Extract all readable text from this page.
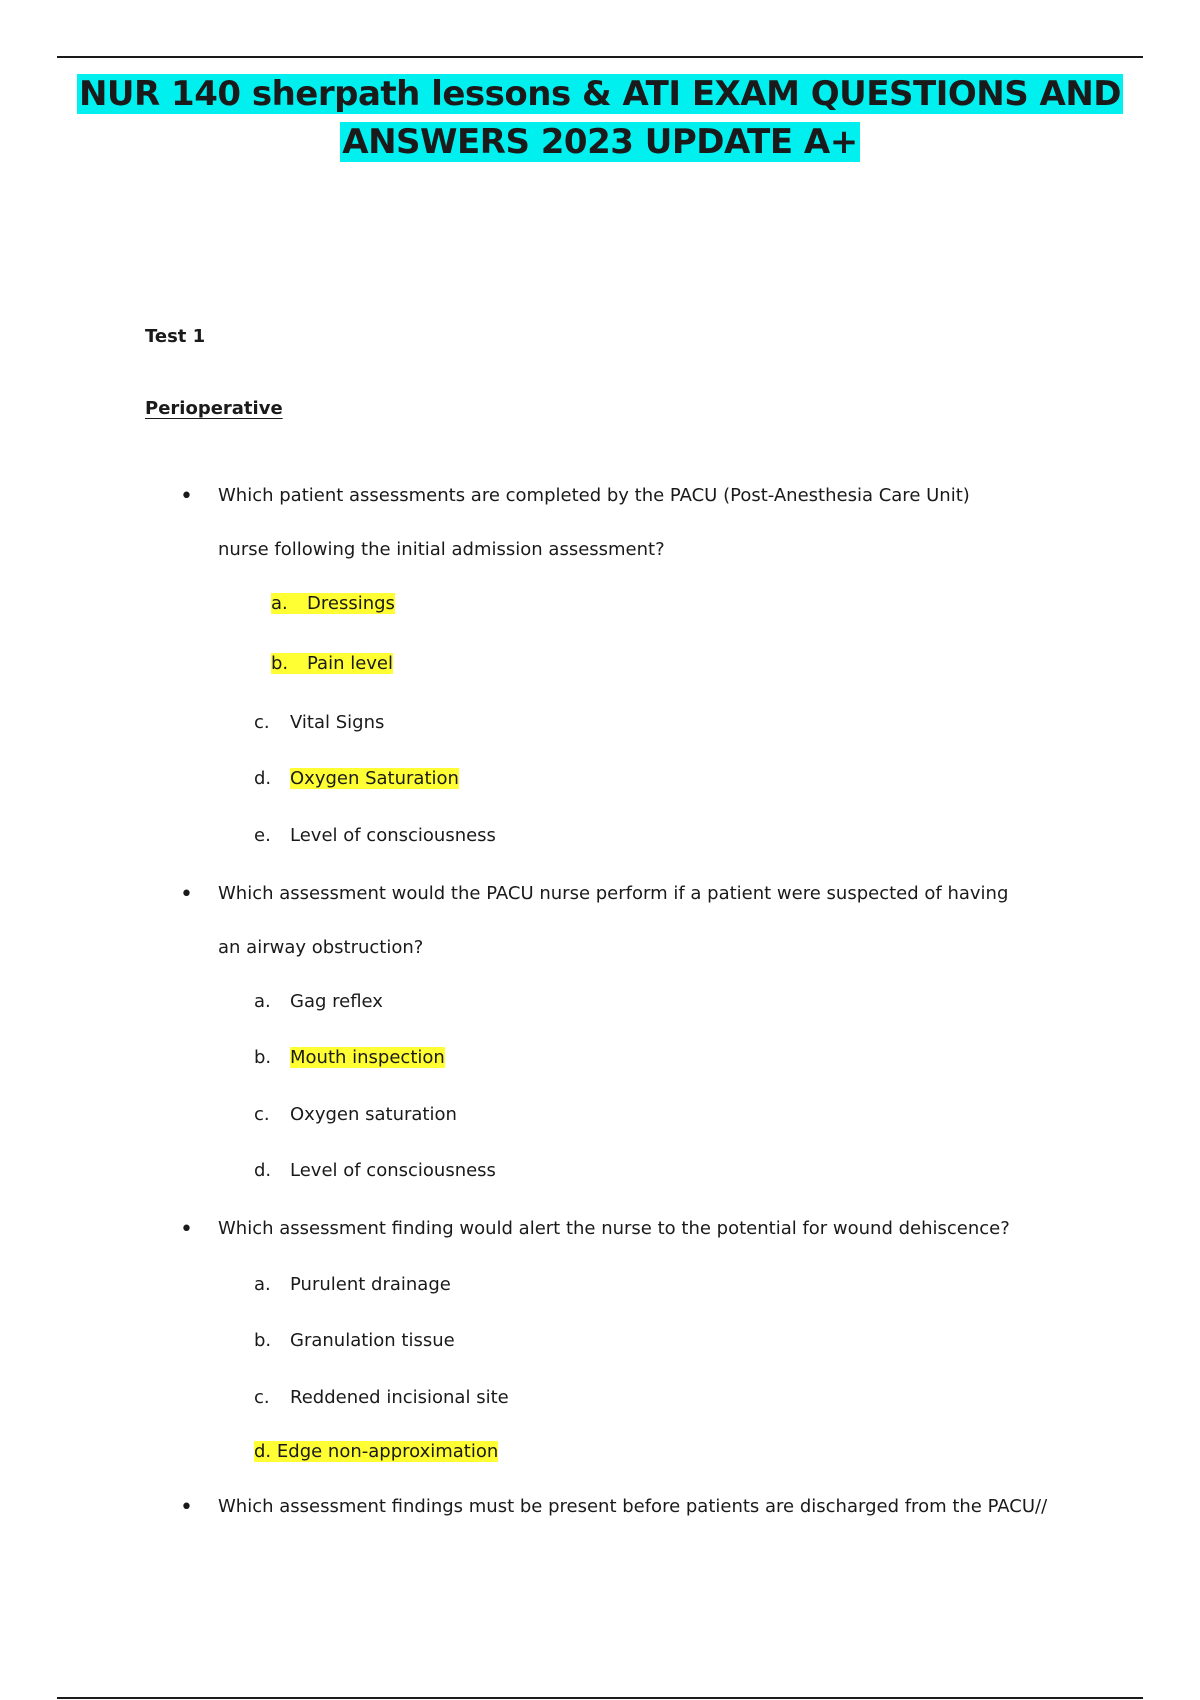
NUR 140 sherpath lessons & ATI EXAM QUESTIONS AND
ANSWERS 2023 UPDATE A+
Test 1
Perioperative
• Which patient assessments are completed by the PACU (Post-Anesthesia Care Unit)
nurse following the initial admission assessment?
a. Dressings
b. Pain level
c. Vital Signs
d. Oxygen Saturation
e. Level of consciousness
• Which assessment would the PACU nurse perform if a patient were suspected of having
an airway obstruction?
a. Gag reflex
b. Mouth inspection
c. Oxygen saturation
d. Level of consciousness
• Which assessment finding would alert the nurse to the potential for wound dehiscence?
a. Purulent drainage
b. Granulation tissue
c. Reddened incisional site
d. Edge non-approximation
• Which assessment findings must be present before patients are discharged from the PACU//
